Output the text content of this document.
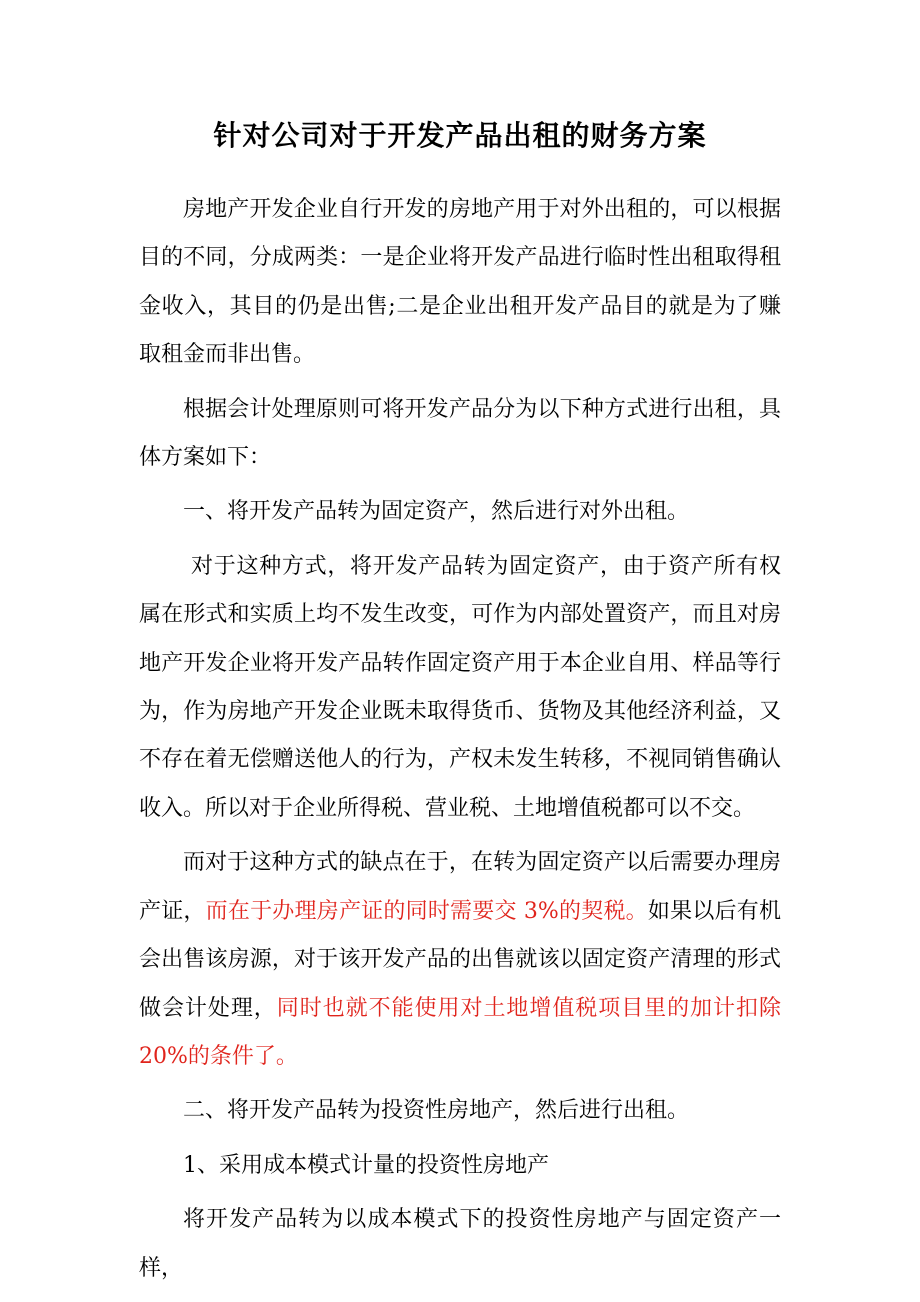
针对公司对于开发产品出租的财务方案

房地产开发企业自行开发的房地产用于对外出租的，可以根据目的不同，分成两类：一是企业将开发产品进行临时性出租取得租金收入，其目的仍是出售;二是企业出租开发产品目的就是为了赚取租金而非出售。

根据会计处理原则可将开发产品分为以下种方式进行出租，具体方案如下：

一、将开发产品转为固定资产，然后进行对外出租。

对于这种方式，将开发产品转为固定资产，由于资产所有权属在形式和实质上均不发生改变，可作为内部处置资产，而且对房地产开发企业将开发产品转作固定资产用于本企业自用、样品等行为，作为房地产开发企业既未取得货币、货物及其他经济利益，又不存在着无偿赠送他人的行为，产权未发生转移，不视同销售确认收入。所以对于企业所得税、营业税、土地增值税都可以不交。

而对于这种方式的缺点在于，在转为固定资产以后需要办理房产证，而在于办理房产证的同时需要交 3%的契税。如果以后有机会出售该房源，对于该开发产品的出售就该以固定资产清理的形式做会计处理，同时也就不能使用对土地增值税项目里的加计扣除 20%的条件了。

二、将开发产品转为投资性房地产，然后进行出租。

1、采用成本模式计量的投资性房地产

将开发产品转为以成本模式下的投资性房地产与固定资产一样，
